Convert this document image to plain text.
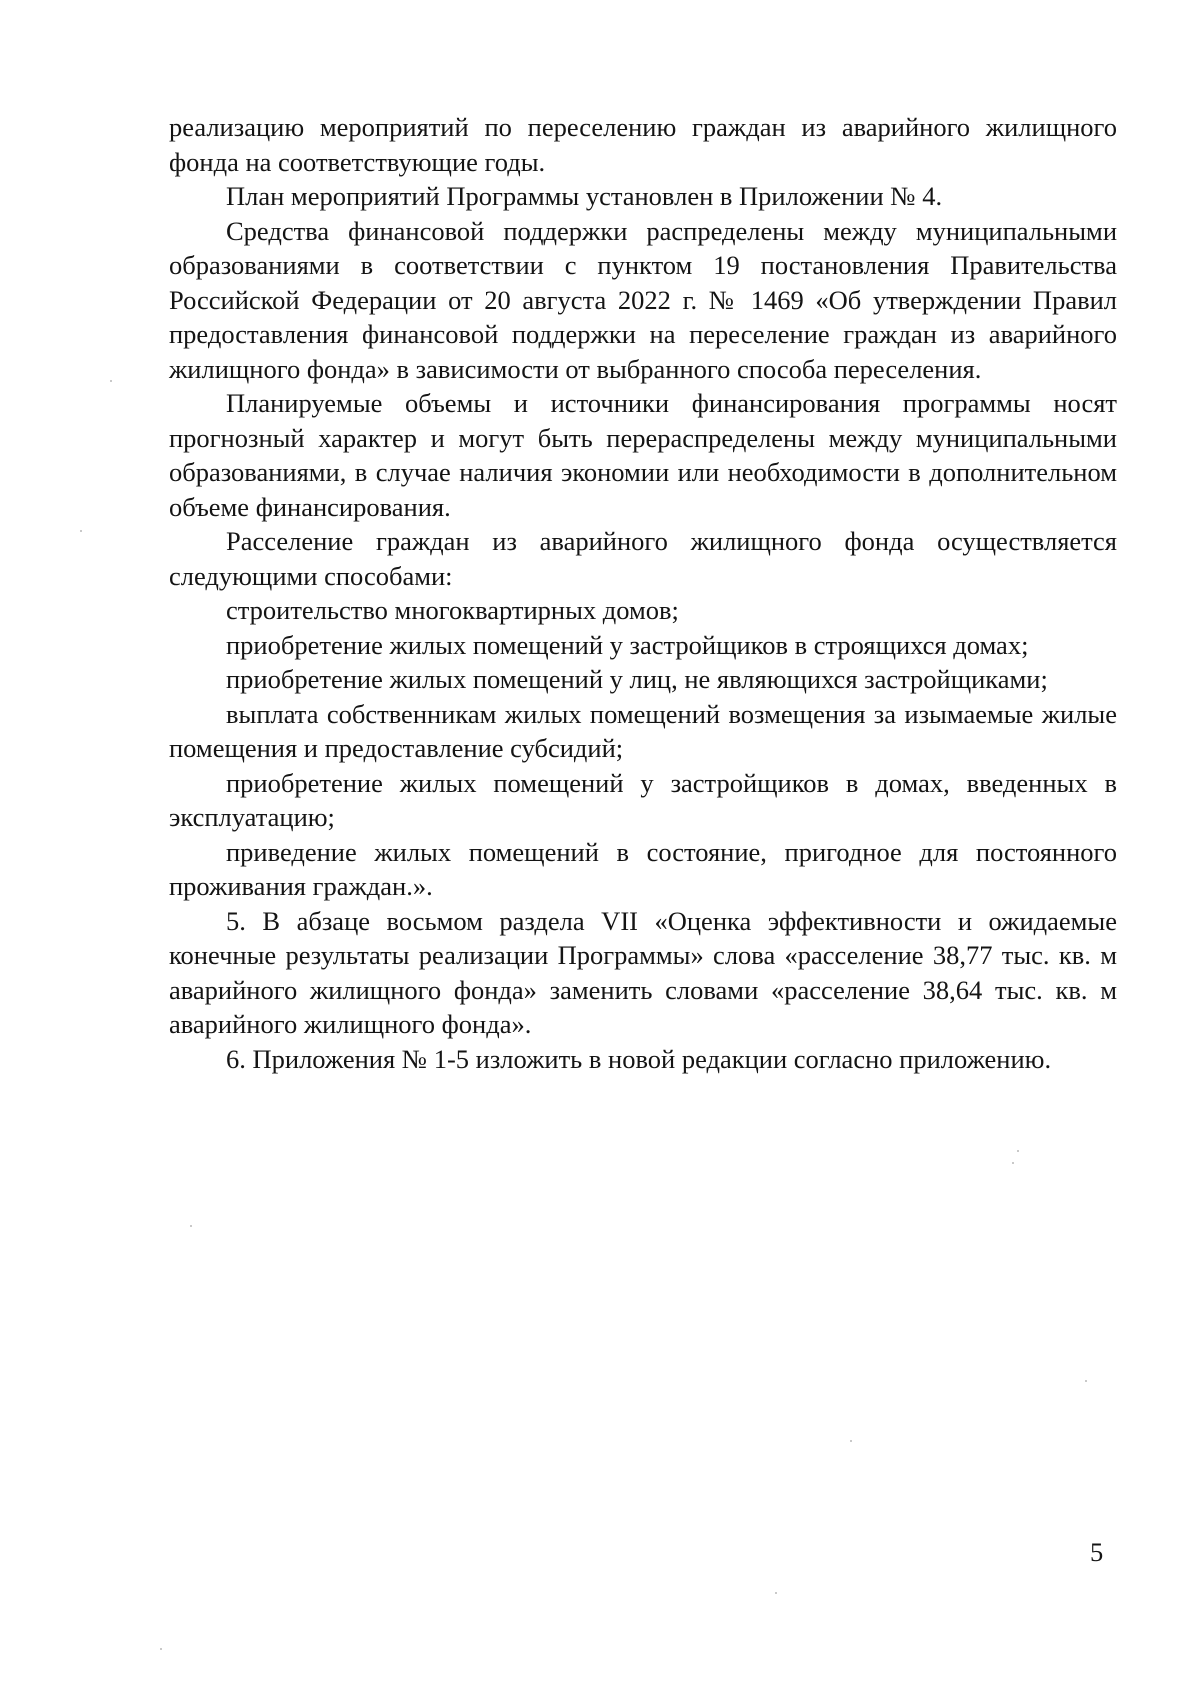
реализацию мероприятий по переселению граждан из аварийного жилищного фонда на соответствующие годы.

План мероприятий Программы установлен в Приложении № 4.

Средства финансовой поддержки распределены между муниципальными образованиями в соответствии с пунктом 19 постановления Правительства Российской Федерации от 20 августа 2022 г. № 1469 «Об утверждении Правил предоставления финансовой поддержки на переселение граждан из аварийного жилищного фонда» в зависимости от выбранного способа переселения.

Планируемые объемы и источники финансирования программы носят прогнозный характер и могут быть перераспределены между муниципальными образованиями, в случае наличия экономии или необходимости в дополнительном объеме финансирования.

Расселение граждан из аварийного жилищного фонда осуществляется следующими способами:

строительство многоквартирных домов;

приобретение жилых помещений у застройщиков в строящихся домах;

приобретение жилых помещений у лиц, не являющихся застройщиками;

выплата собственникам жилых помещений возмещения за изымаемые жилые помещения и предоставление субсидий;

приобретение жилых помещений у застройщиков в домах, введенных в эксплуатацию;

приведение жилых помещений в состояние, пригодное для постоянного проживания граждан.».

5. В абзаце восьмом раздела VII «Оценка эффективности и ожидаемые конечные результаты реализации Программы» слова «расселение 38,77 тыс. кв. м аварийного жилищного фонда» заменить словами «расселение 38,64 тыс. кв. м аварийного жилищного фонда».

6. Приложения № 1-5 изложить в новой редакции согласно приложению.

5
